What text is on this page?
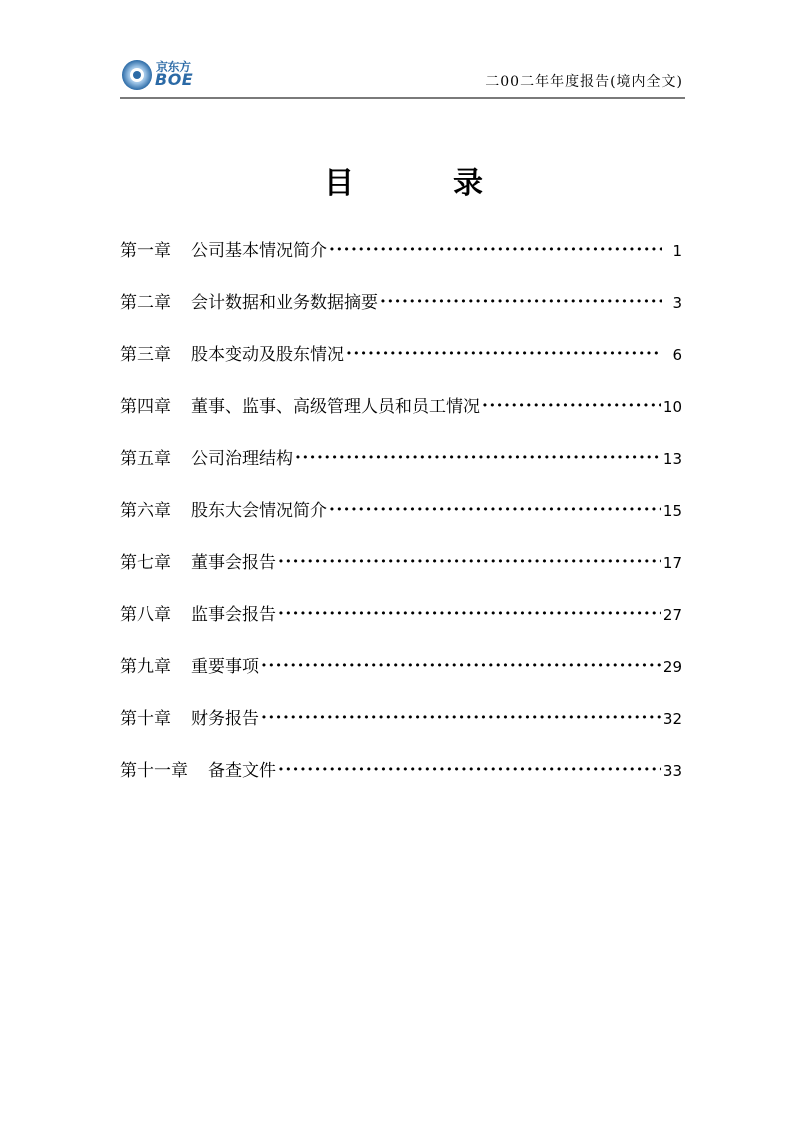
京东方
BOE	二00二年年度报告(境内全文)
目	录
第一章 公司基本情况简介 ·····	1
第二章 会计数据和业务数据摘要 ·····	3
第三章 股本变动及股东情况 ·····	6
第四章 董事、监事、高级管理人员和员工情况 ·····	10
第五章 公司治理结构 ·····	13
第六章 股东大会情况简介 ·····	15
第七章 董事会报告 ·····	17
第八章 监事会报告 ·····	27
第九章 重要事项 ·····	29
第十章 财务报告 ·····	32
第十一章 备查文件 ·····	33
